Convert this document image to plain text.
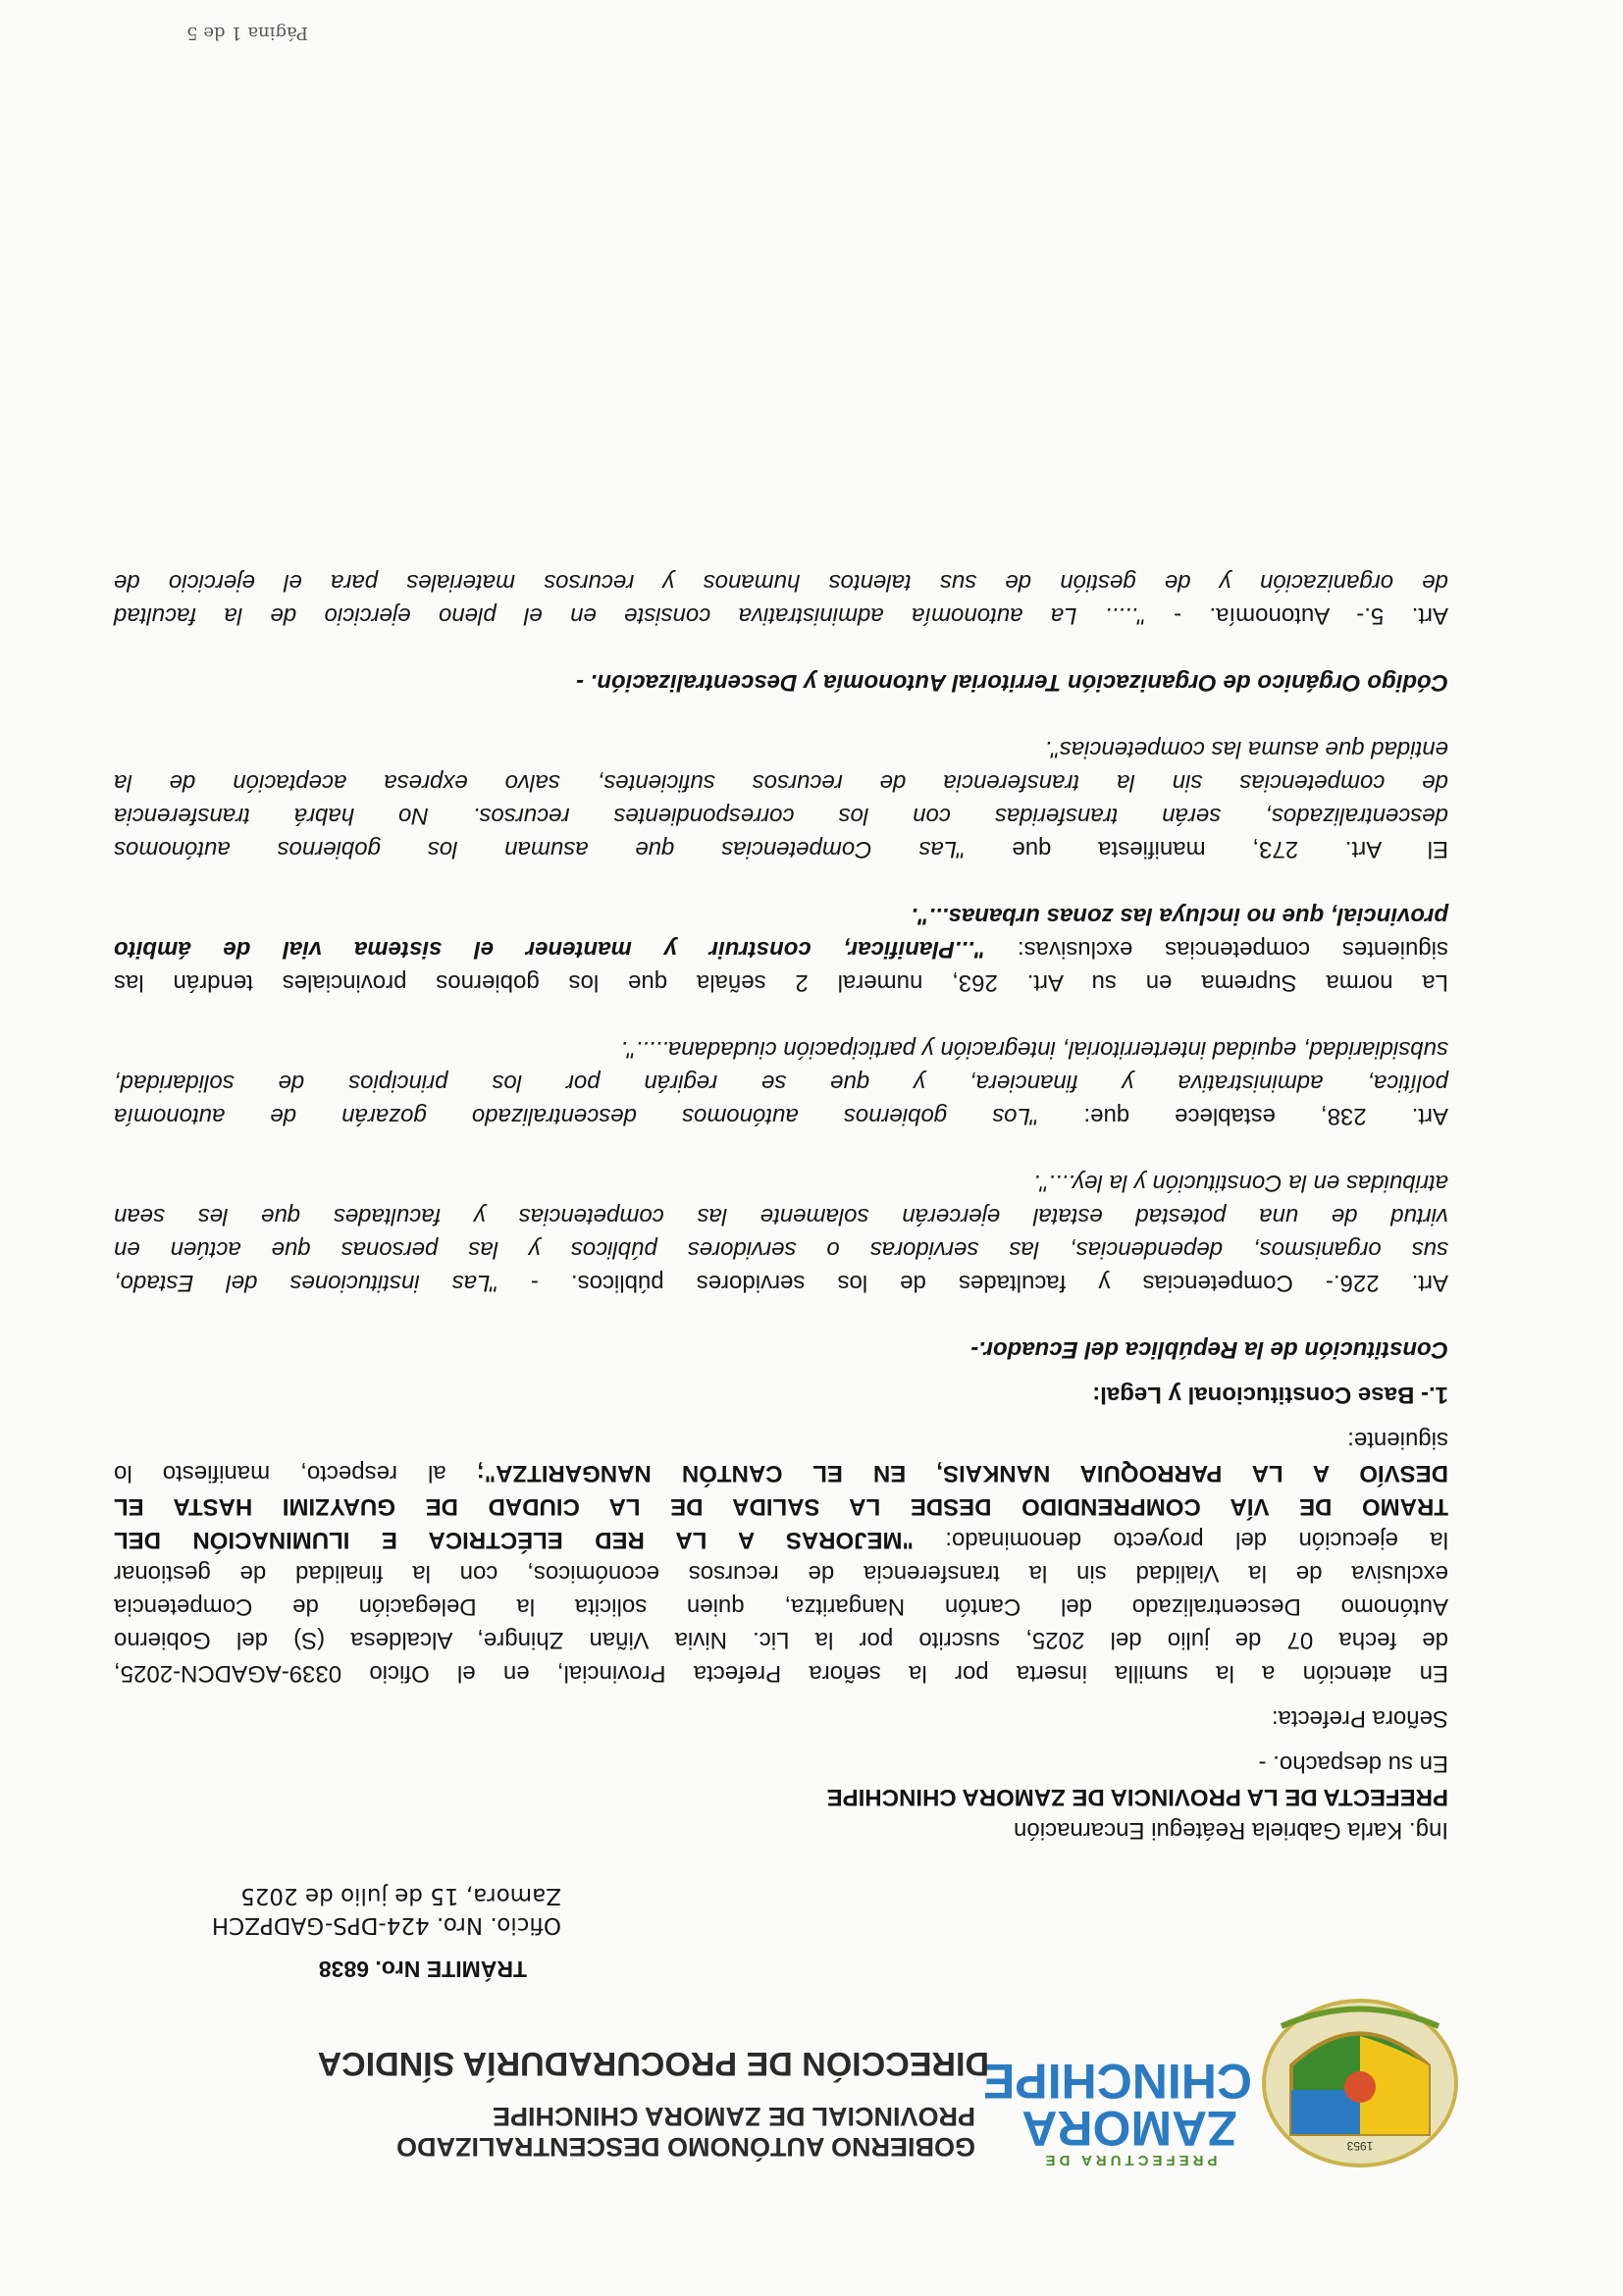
1953
PREFECTURA DE
ZAMORA
CHINCHIPE
GOBIERNO AUTÓNOMO DESCENTRALIZADO
PROVINCIAL DE ZAMORA CHINCHIPE
DIRECCIÓN DE PROCURADURÍA SÍNDICA
TRÁMITE Nro. 6838
Oficio. Nro. 424-DPS-GADPZCH
Zamora, 15 de julio de 2025
Ing. Karla Gabriela Reátegui Encarnación
PREFECTA DE LA PROVINCIA DE ZAMORA CHINCHIPE
En su despacho. -
Señora Prefecta:
En atención a la sumilla inserta por la señora Prefecta Provincial, en el Oficio 0339-AGADCN-2025,
de fecha 07 de julio del 2025, suscrito por la Lic. Nivia Viñan Zhingre, Alcaldesa (S) del Gobierno
Autónomo Descentralizado del Cantón Nangaritza, quien solicita la Delegación de Competencia
exclusiva de la Vialidad sin la transferencia de recursos económicos, con la finalidad de gestionar
la ejecución del proyecto denominado: "MEJORAS A LA RED ELÉCTRICA E ILUMINACIÓN DEL
TRAMO DE VÍA COMPRENDIDO DESDE LA SALIDA DE LA CIUDAD DE GUAYZIMI HASTA EL
DESVÍO A LA PARROQUIA NANKAIS, EN EL CANTÓN NANGARITZA"; al respecto, manifiesto lo
siguiente:
1.- Base Constitucional y Legal:
Constitución de la República del Ecuador.-
Art. 226.- Competencias y facultades de los servidores públicos. - "Las instituciones del Estado,
sus organismos, dependencias, las servidoras o servidores públicos y las personas que actúen en
virtud de una potestad estatal ejercerán solamente las competencias y facultades que les sean
atribuidas en la Constitución y la ley....".
Art. 238, establece que: "Los gobiernos autónomos descentralizado gozarán de autonomía
política, administrativa y financiera, y que se regirán por los principios de solidaridad,
subsidiaridad, equidad interterritorial, integración y participación ciudadana.....".
La norma Suprema en su Art. 263, numeral 2 señala que los gobiernos provinciales tendrán las
siguientes competencias exclusivas: "...Planificar, construir y mantener el sistema vial de ámbito
provincial, que no incluya las zonas urbanas...".
El Art. 273, manifiesta que "Las Competencias que asuman los gobiernos autónomos
descentralizados, serán transferidas con los correspondientes recursos. No habrá transferencia
de competencias sin la transferencia de recursos suficientes, salvo expresa aceptación de la
entidad que asuma las competencias".
Código Orgánico de Organización Territorial Autonomía y Descentralización. -
Art. 5.- Autonomía. - "..... La autonomía administrativa consiste en el pleno ejercicio de la facultad
de organización y de gestión de sus talentos humanos y recursos materiales para el ejercicio de
Página 1 de 5
